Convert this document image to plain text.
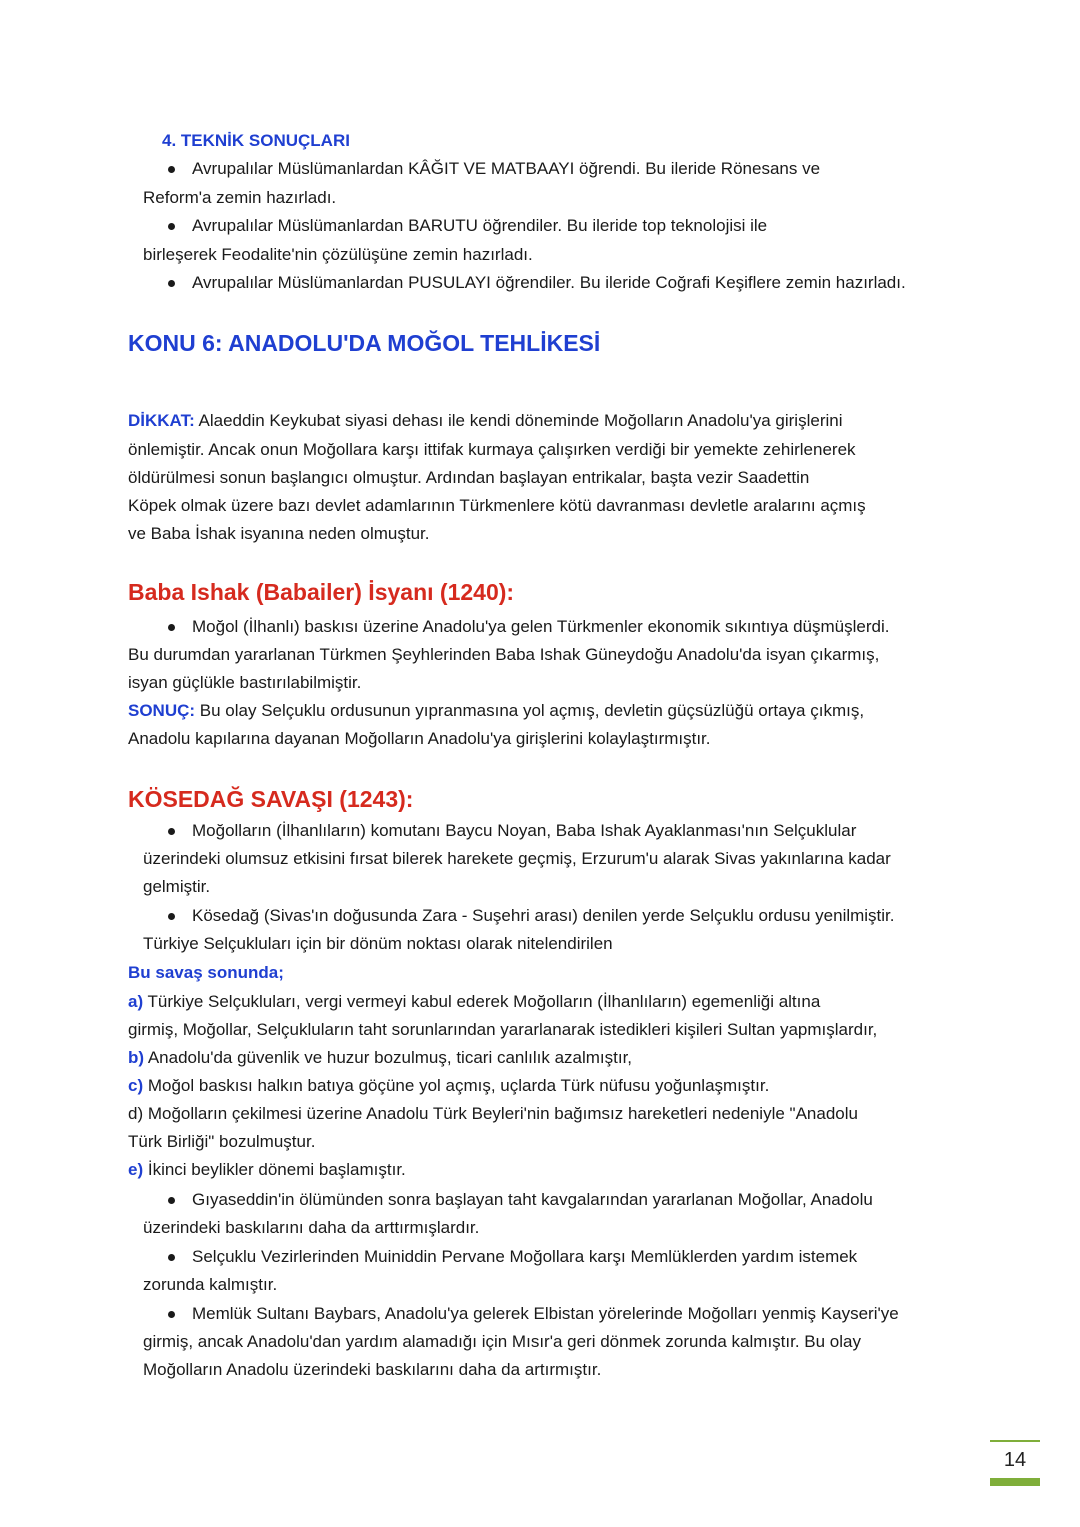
4. TEKNİK SONUÇLARI
Avrupalılar Müslümanlardan KÂĞIT VE MATBAAYI öğrendi. Bu ileride Rönesans ve
Reform'a zemin hazırladı.
Avrupalılar Müslümanlardan BARUTU öğrendiler. Bu ileride top teknolojisi ile
birleşerek Feodalite'nin çözülüşüne zemin hazırladı.
Avrupalılar Müslümanlardan PUSULAYI öğrendiler. Bu ileride Coğrafi Keşiflere zemin hazırladı.
KONU 6: ANADOLU'DA MOĞOL TEHLİKESİ
DİKKAT: Alaeddin Keykubat siyasi dehası ile kendi döneminde Moğolların Anadolu'ya girişlerini
önlemiştir. Ancak onun Moğollara karşı ittifak kurmaya çalışırken verdiği bir yemekte zehirlenerek
öldürülmesi sonun başlangıcı olmuştur. Ardından başlayan entrikalar, başta vezir Saadettin
Köpek olmak üzere bazı devlet adamlarının Türkmenlere kötü davranması devletle aralarını açmış
ve Baba İshak isyanına neden olmuştur.
Baba Ishak (Babailer) İsyanı (1240):
Moğol (İlhanlı) baskısı üzerine Anadolu'ya gelen Türkmenler ekonomik sıkıntıya düşmüşlerdi.
Bu durumdan yararlanan Türkmen Şeyhlerinden Baba Ishak Güneydoğu Anadolu'da isyan çıkarmış,
isyan güçlükle bastırılabilmiştir.
SONUÇ: Bu olay Selçuklu ordusunun yıpranmasına yol açmış, devletin güçsüzlüğü ortaya çıkmış,
Anadolu kapılarına dayanan Moğolların Anadolu'ya girişlerini kolaylaştırmıştır.
KÖSEDAĞ SAVAŞI (1243):
Moğolların (İlhanlıların) komutanı Baycu Noyan, Baba Ishak Ayaklanması'nın Selçuklular
üzerindeki olumsuz etkisini fırsat bilerek harekete geçmiş, Erzurum'u alarak Sivas yakınlarına kadar
gelmiştir.
Kösedağ (Sivas'ın doğusunda Zara - Suşehri arası) denilen yerde Selçuklu ordusu yenilmiştir.
Türkiye Selçukluları için bir dönüm noktası olarak nitelendirilen
Bu savaş sonunda;
a) Türkiye Selçukluları, vergi vermeyi kabul ederek Moğolların (İlhanlıların) egemenliği altına
girmiş, Moğollar, Selçukluların taht sorunlarından yararlanarak istedikleri kişileri Sultan yapmışlardır,
b) Anadolu'da güvenlik ve huzur bozulmuş, ticari canlılık azalmıştır,
c) Moğol baskısı halkın batıya göçüne yol açmış, uçlarda Türk nüfusu yoğunlaşmıştır.
d) Moğolların çekilmesi üzerine Anadolu Türk Beyleri'nin bağımsız hareketleri nedeniyle "Anadolu
Türk Birliği" bozulmuştur.
e) İkinci beylikler dönemi başlamıştır.
Gıyaseddin'in ölümünden sonra başlayan taht kavgalarından yararlanan Moğollar, Anadolu
üzerindeki baskılarını daha da arttırmışlardır.
Selçuklu Vezirlerinden Muiniddin Pervane Moğollara karşı Memlüklerden yardım istemek
zorunda kalmıştır.
Memlük Sultanı Baybars, Anadolu'ya gelerek Elbistan yörelerinde Moğolları yenmiş Kayseri'ye
girmiş, ancak Anadolu'dan yardım alamadığı için Mısır'a geri dönmek zorunda kalmıştır. Bu olay
Moğolların Anadolu üzerindeki baskılarını daha da artırmıştır.
14
